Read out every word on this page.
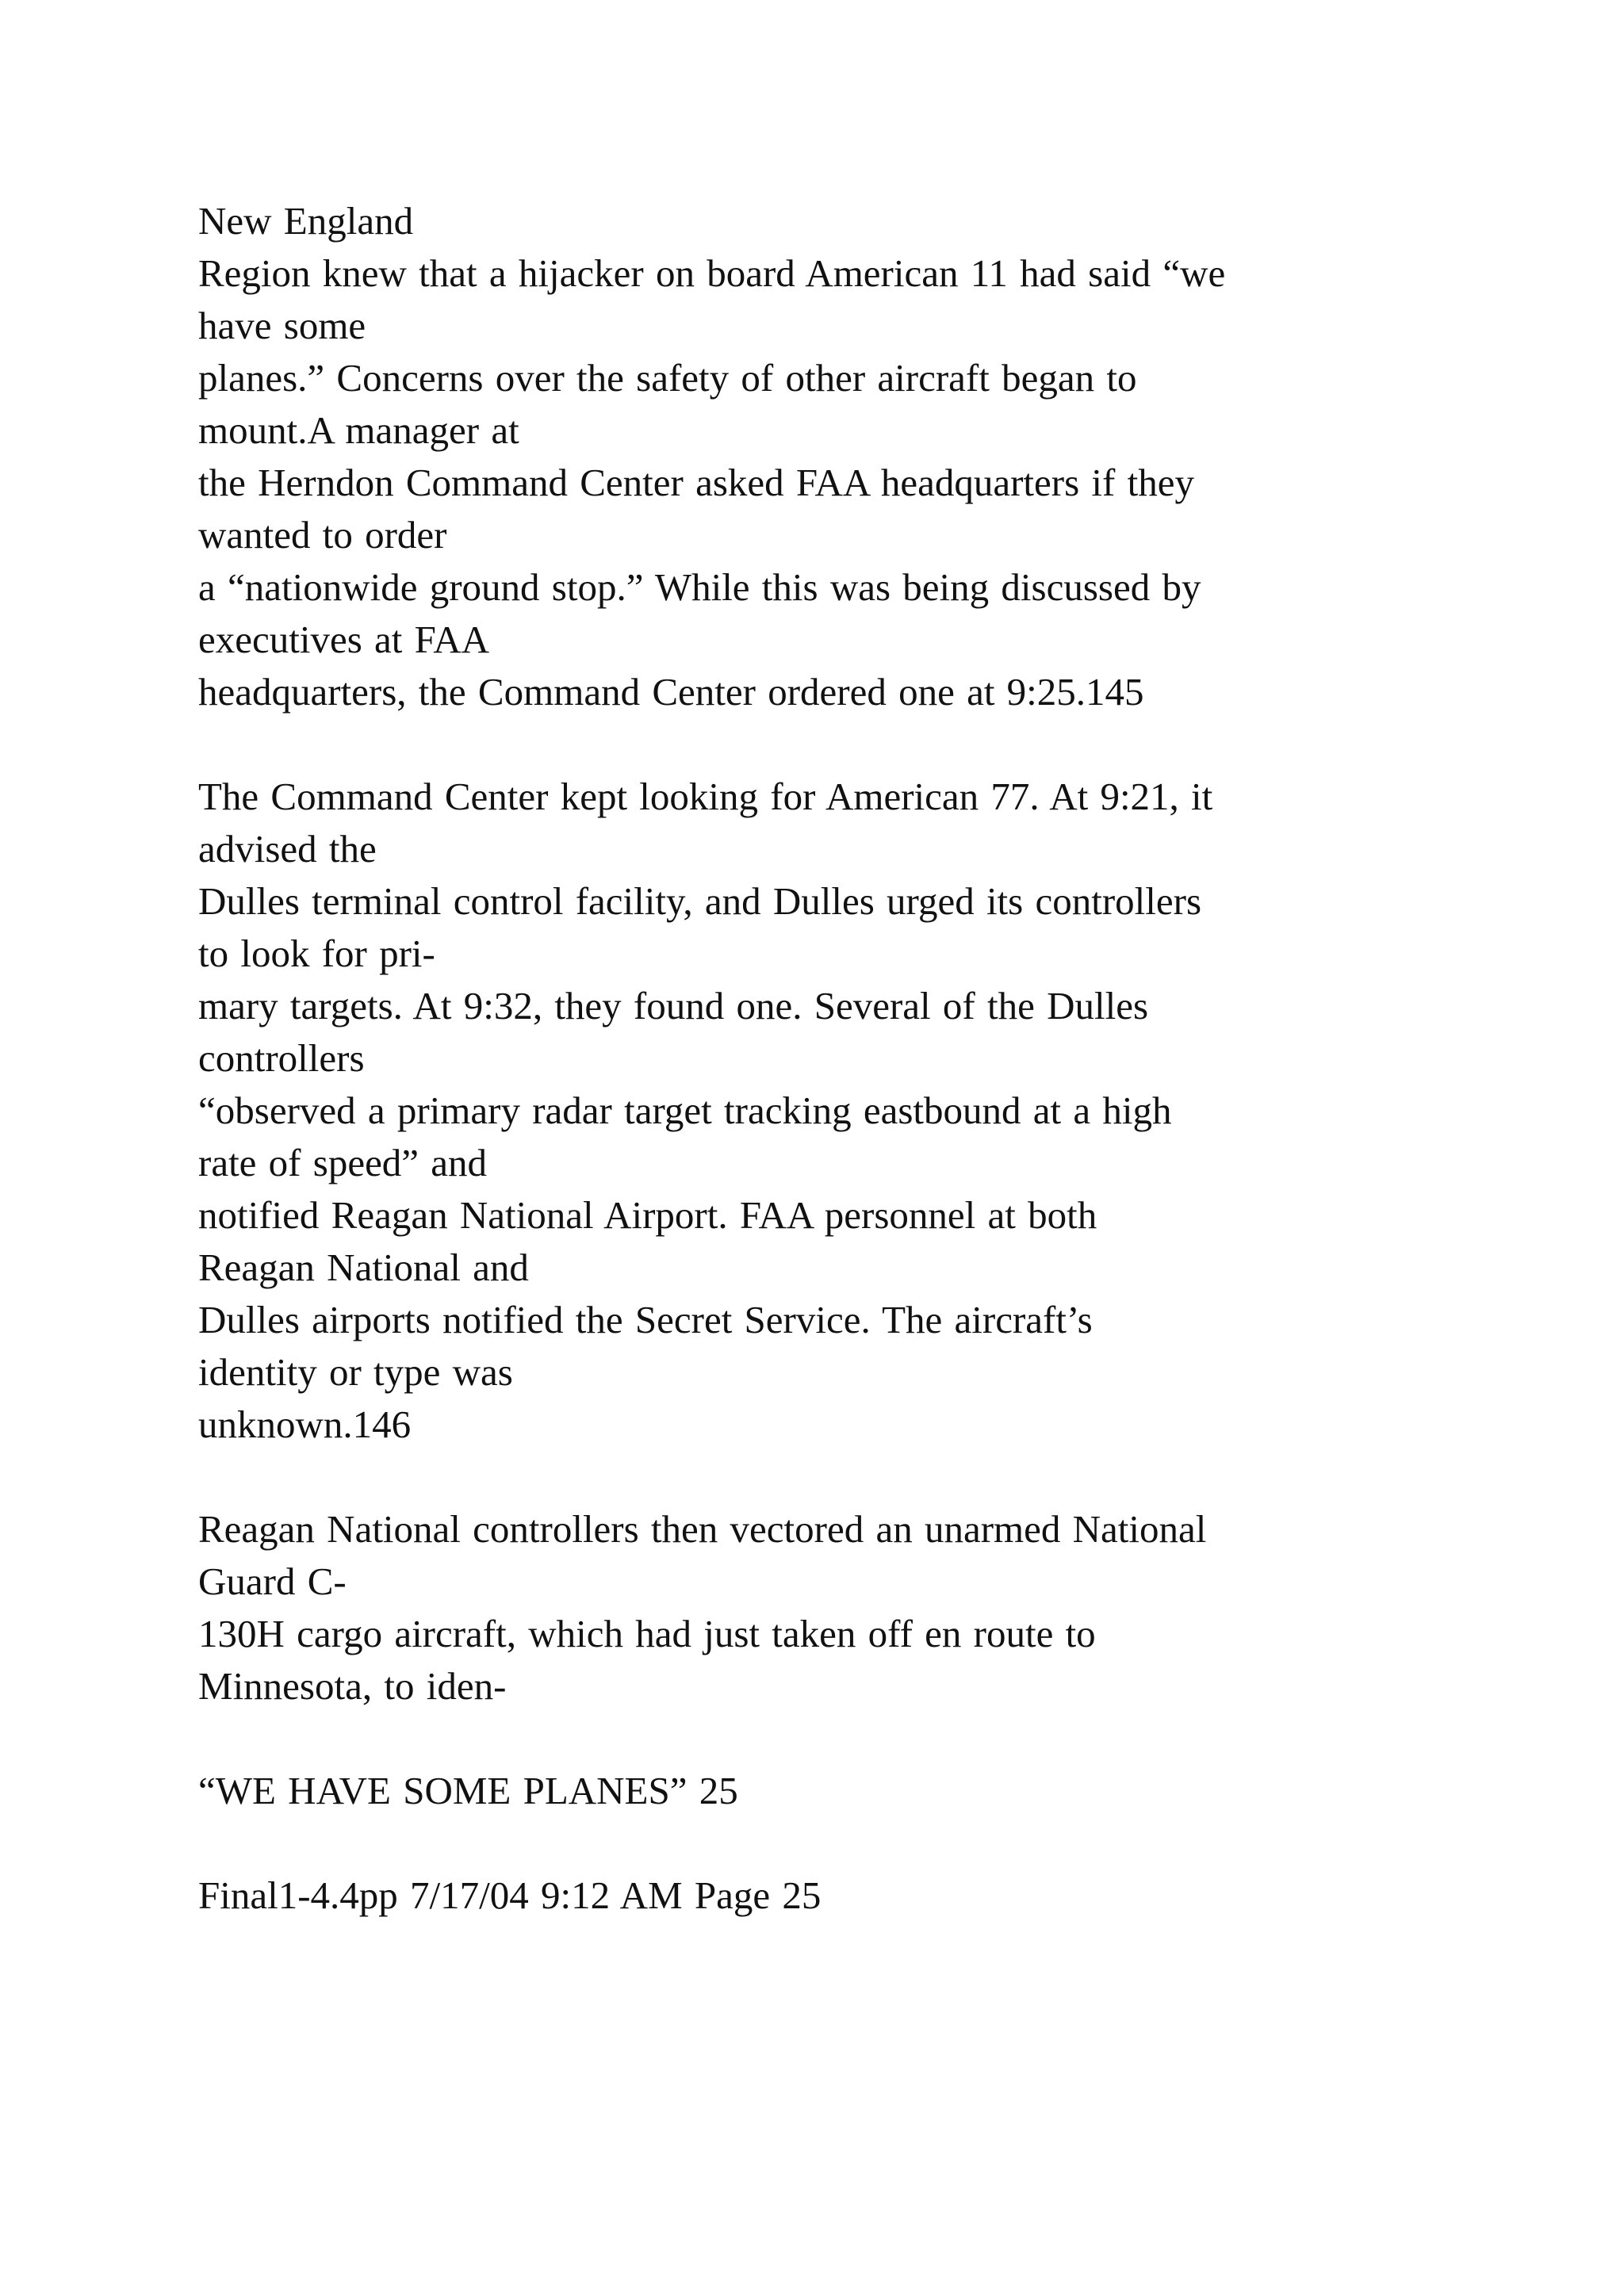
New England
Region knew that a hijacker on board American 11 had said “we
have some
planes.” Concerns over the safety of other aircraft began to
mount.A manager at
the Herndon Command Center asked FAA headquarters if they
wanted to order
a “nationwide ground stop.” While this was being discussed by
executives at FAA
headquarters, the Command Center ordered one at 9:25.145
The Command Center kept looking for American 77. At 9:21, it
advised the
Dulles terminal control facility, and Dulles urged its controllers
to look for pri-
mary targets. At 9:32, they found one. Several of the Dulles
controllers
“observed a primary radar target tracking eastbound at a high
rate of speed” and
notified Reagan National Airport. FAA personnel at both
Reagan National and
Dulles airports notified the Secret Service. The aircraft’s
identity or type was
unknown.146
Reagan National controllers then vectored an unarmed National
Guard C-
130H cargo aircraft, which had just taken off en route to
Minnesota, to iden-
“WE HAVE SOME PLANES” 25
Final1-4.4pp 7/17/04 9:12 AM Page 25
